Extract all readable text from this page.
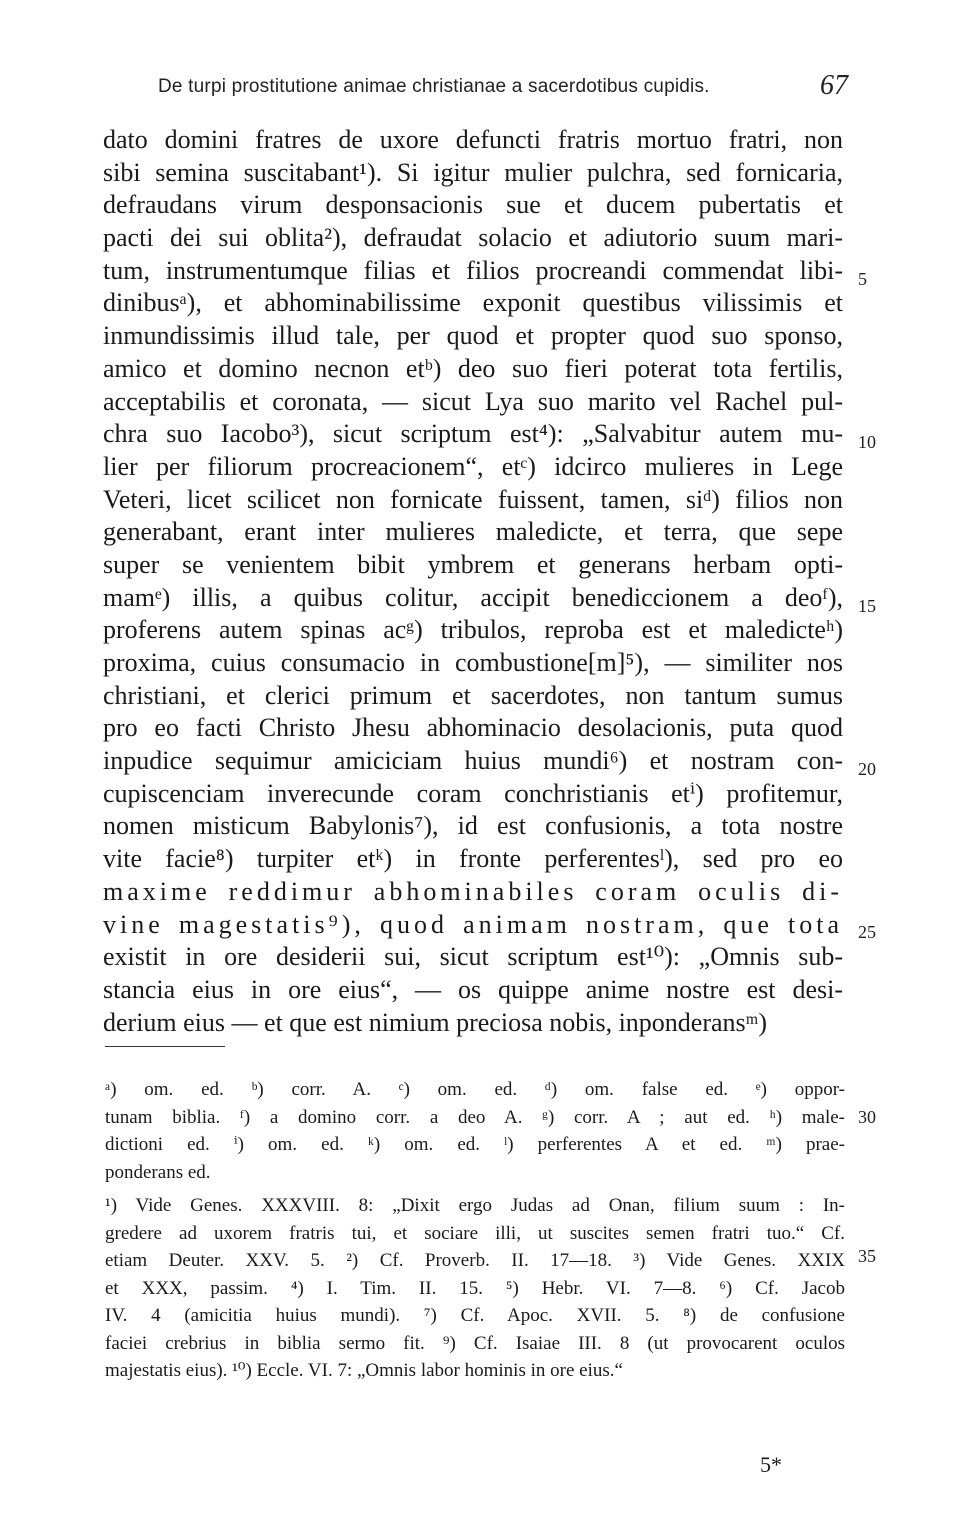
De turpi prostitutione animae christianae a sacerdotibus cupidis.	67
dato domini fratres de uxore defuncti fratris mortuo fratri, non
sibi semina suscitabant¹). Si igitur mulier pulchra, sed fornicaria,
defraudans virum desponsacionis sue et ducem pubertatis et
pacti dei sui oblita²), defraudat solacio et adiutorio suum mari-
tum, instrumentumque filias et filios procreandi commendat libi-
dinibusᵃ), et abhominabilissime exponit questibus vilissimis et
inmundissimis illud tale, per quod et propter quod suo sponso,
amico et domino necnon etᵇ) deo suo fieri poterat tota fertilis,
acceptabilis et coronata, — sicut Lya suo marito vel Rachel pul-
chra suo Iacobo³), sicut scriptum est⁴): „Salvabitur autem mu-
lier per filiorum procreacionem“, etᶜ) idcirco mulieres in Lege
Veteri, licet scilicet non fornicate fuissent, tamen, siᵈ) filios non
generabant, erant inter mulieres maledicte, et terra, que sepe
super se venientem bibit ymbrem et generans herbam opti-
mamᵉ) illis, a quibus colitur, accipit benediccionem a deoᶠ),
proferens autem spinas acᵍ) tribulos, reproba est et maledicteʰ)
proxima, cuius consumacio in combustione[m]⁵), — similiter nos
christiani, et clerici primum et sacerdotes, non tantum sumus
pro eo facti Christo Jhesu abhominacio desolacionis, puta quod
inpudice sequimur amiciciam huius mundi⁶) et nostram con-
cupiscenciam inverecunde coram conchristianis etⁱ) profitemur,
nomen misticum Babylonis⁷), id est confusionis, a tota nostre
vite facie⁸) turpiter etᵏ) in fronte perferentesˡ), sed pro eo
maxime reddimur abhominabiles coram oculis di-
vine magestatis⁹), quod animam nostram, que tota
existit in ore desiderii sui, sicut scriptum est¹⁰): „Omnis sub-
stancia eius in ore eius“, — os quippe anime nostre est desi-
derium eius — et que est nimium preciosa nobis, inponderansᵐ)
5
10
15
20
25
ᵃ) om. ed. ᵇ) corr. A. ᶜ) om. ed. ᵈ) om. false ed. ᵉ) oppor-
tunam biblia. ᶠ) a domino corr. a deo A. ᵍ) corr. A ; aut ed. ʰ) male-
dictioni ed. ⁱ) om. ed. ᵏ) om. ed. ˡ) perferentes A et ed. ᵐ) prae-
ponderans ed.
30
¹) Vide Genes. XXXVIII. 8: „Dixit ergo Judas ad Onan, filium suum : In-
gredere ad uxorem fratris tui, et sociare illi, ut suscites semen fratri tuo.“ Cf.
etiam Deuter. XXV. 5. ²) Cf. Proverb. II. 17—18. ³) Vide Genes. XXIX
et XXX, passim. ⁴) I. Tim. II. 15. ⁵) Hebr. VI. 7—8. ⁶) Cf. Jacob
IV. 4 (amicitia huius mundi). ⁷) Cf. Apoc. XVII. 5. ⁸) de confusione
faciei crebrius in biblia sermo fit. ⁹) Cf. Isaiae III. 8 (ut provocarent oculos
majestatis eius). ¹⁰) Eccle. VI. 7: „Omnis labor hominis in ore eius.“
35
5*
